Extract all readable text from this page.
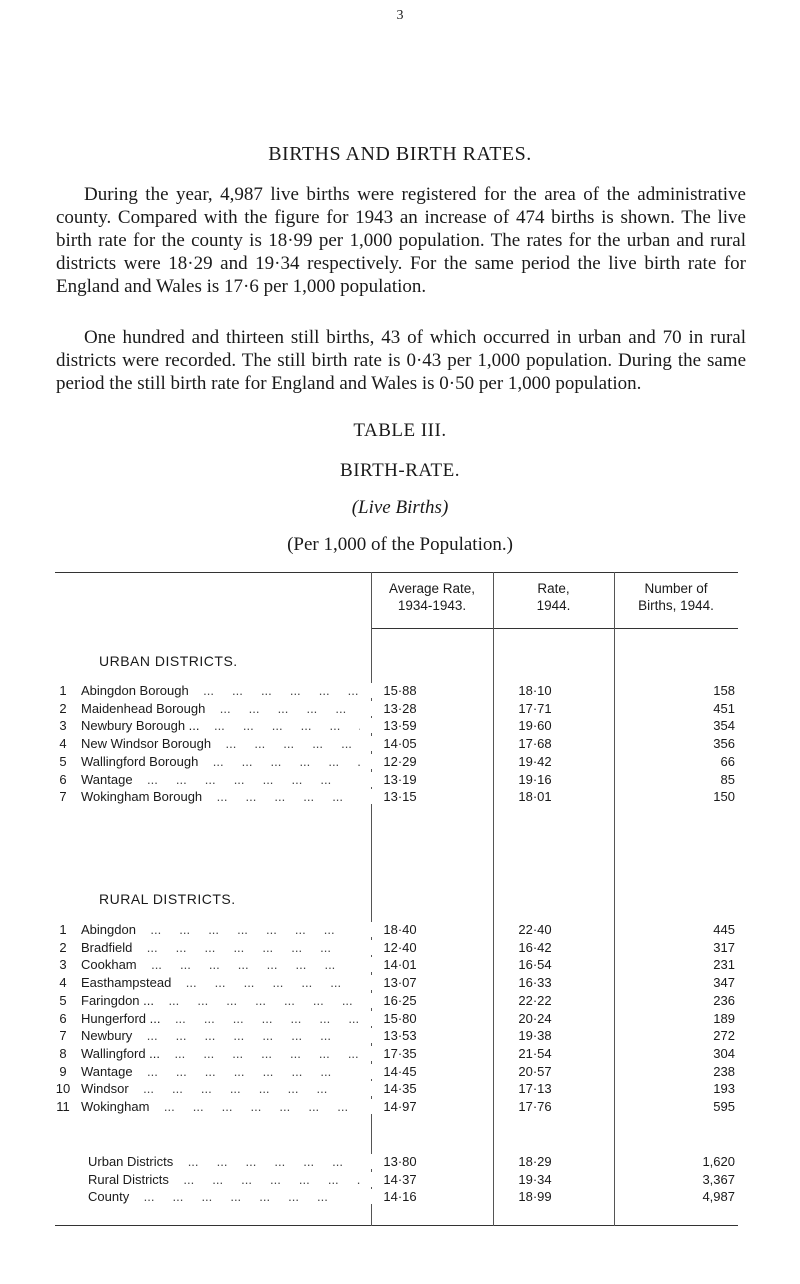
3
BIRTHS AND BIRTH RATES.

During the year, 4,987 live births were registered for the area of the administrative county. Compared with the figure for 1943 an increase of 474 births is shown. The live birth rate for the county is 18·99 per 1,000 population. The rates for the urban and rural districts were 18·29 and 19·34 respectively. For the same period the live birth rate for England and Wales is 17·6 per 1,000 population.

One hundred and thirteen still births, 43 of which occurred in urban and 70 in rural districts were recorded. The still birth rate is 0·43 per 1,000 population. During the same period the still birth rate for England and Wales is 0·50 per 1,000 population.

TABLE III.
BIRTH-RATE.
(Live Births)
(Per 1,000 of the Population.)
Average Rate,
1934-1943.
Rate,
1944.
Number of
Births, 1944.
URBAN DISTRICTS.
RURAL DISTRICTS.
1	Abingdon Borough ...	15·88	18·10	158
2	Maidenhead Borough ...	13·28	17·71	451
3	Newbury Borough ... ...	13·59	19·60	354
4	New Windsor Borough ...	14·05	17·68	356
5	Wallingford Borough ...	12·29	19·42	66
6	Wantage ...	13·19	19·16	85
7	Wokingham Borough ...	13·15	18·01	150
1	Abingdon ...	18·40	22·40	445
2	Bradfield ...	12·40	16·42	317
3	Cookham ...	14·01	16·54	231
4	Easthampstead ...	13·07	16·33	347
5	Faringdon ... ...	16·25	22·22	236
6	Hungerford ... ...	15·80	20·24	189
7	Newbury ...	13·53	19·38	272
8	Wallingford ... ...	17·35	21·54	304
9	Wantage ...	14·45	20·57	238
10 Windsor ...	14·35	17·13	193
11 Wokingham ...	14·97	17·76	595
Urban Districts ...	13·80	18·29	1,620
Rural Districts ...	14·37	19·34	3,367
County ...	14·16	18·99	4,987
